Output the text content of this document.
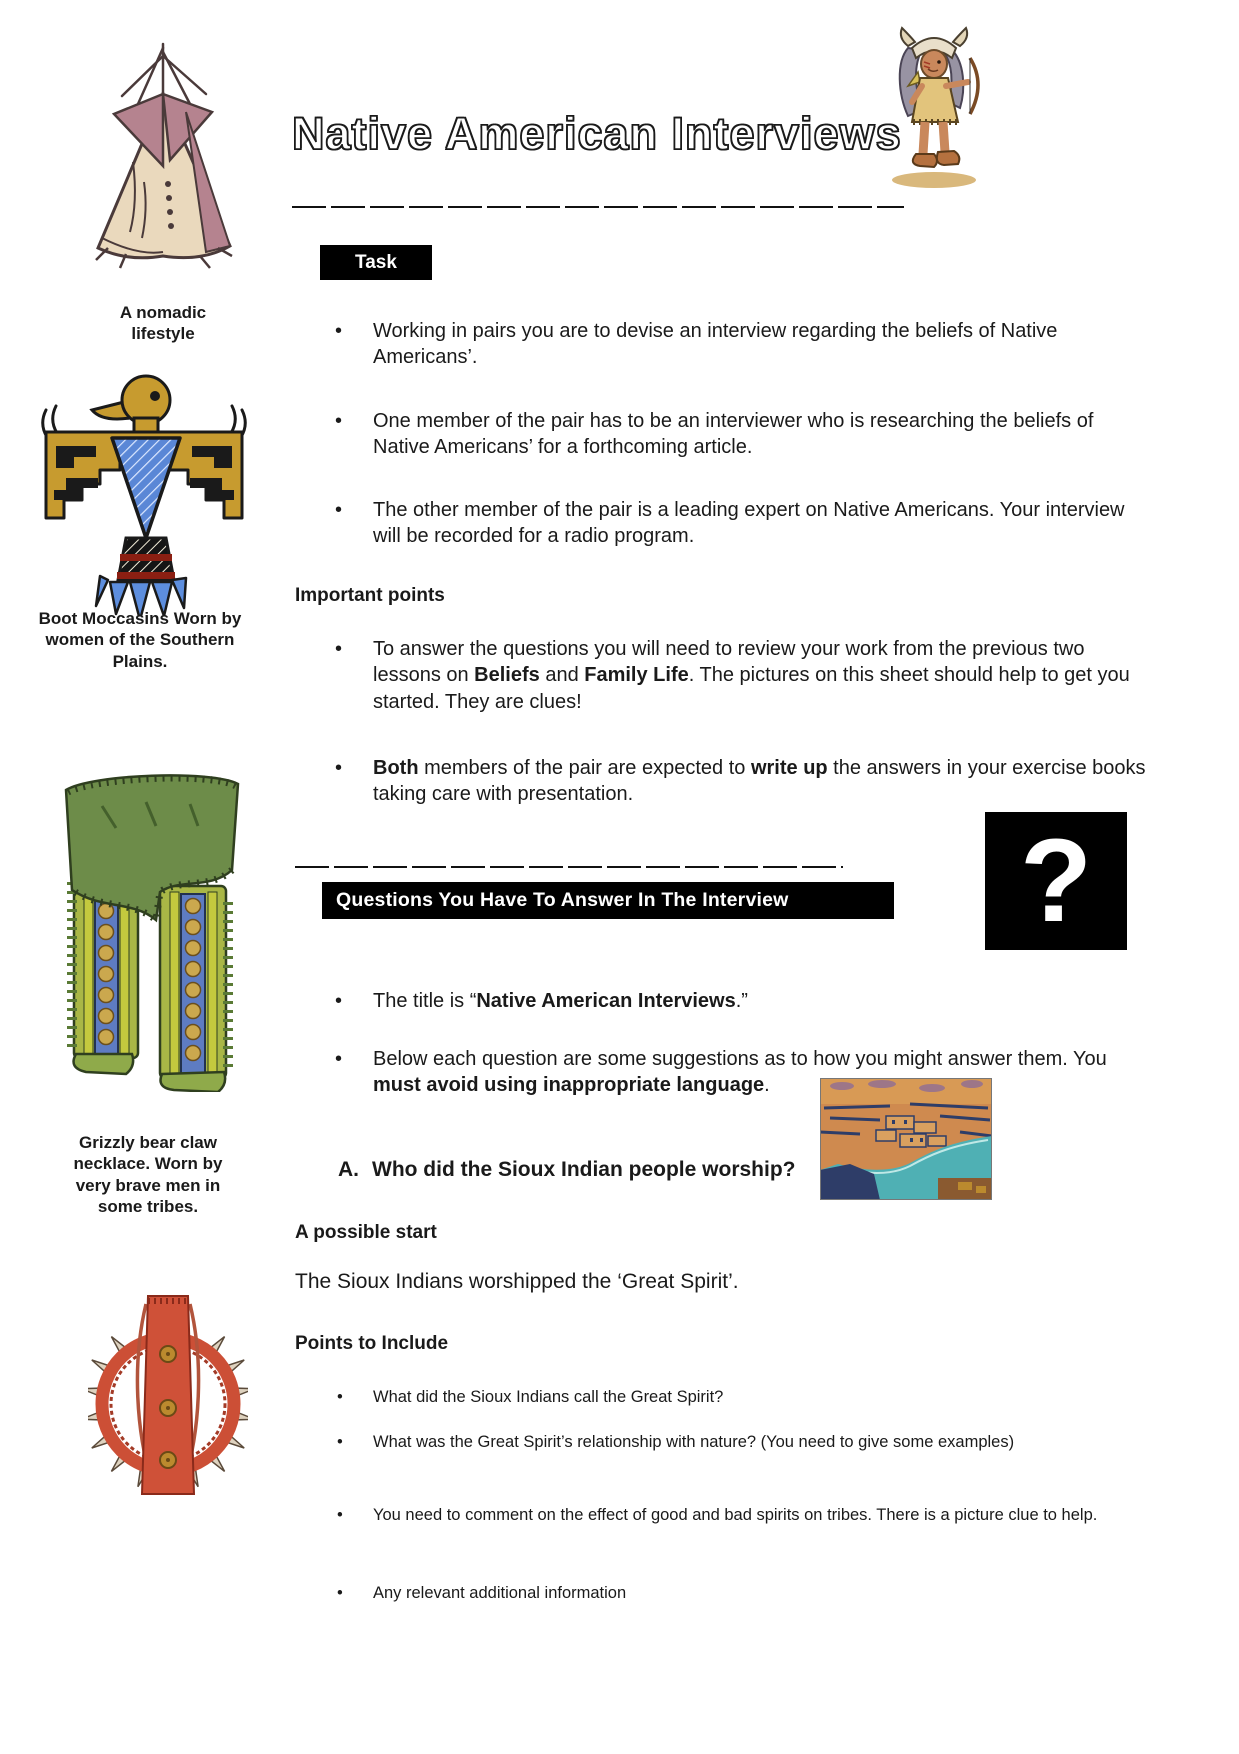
A nomadic lifestyle
Boot Moccasins Worn by women of the Southern Plains.
Grizzly bear claw necklace. Worn by very brave men in some tribes.
Native American Interviews
Task
•	Working in pairs you are to devise an interview regarding the beliefs of Native Americans’.
•	One member of the pair has to be an interviewer who is researching the beliefs of Native Americans’ for a forthcoming article.
•	The other member of the pair is a leading expert on Native Americans. Your interview will be recorded for a radio program.
Important points
•	To answer the questions you will need to review your work from the previous two lessons on Beliefs and Family Life. The pictures on this sheet should help to get you started. They are clues!
•	Both members of the pair are expected to write up the answers in your exercise books taking care with presentation.
?
Questions You Have To Answer In The Interview
•	The title is “Native American Interviews.”
•	Below each question are some suggestions as to how you might answer them. You must avoid using inappropriate language.
A. Who did the Sioux Indian people worship?
A possible start
The Sioux Indians worshipped the ‘Great Spirit’.
Points to Include
•	What did the Sioux Indians call the Great Spirit?
•	What was the Great Spirit’s relationship with nature? (You need to give some examples)
•	You need to comment on the effect of good and bad spirits on tribes. There is a picture clue to help.
•	Any relevant additional information
